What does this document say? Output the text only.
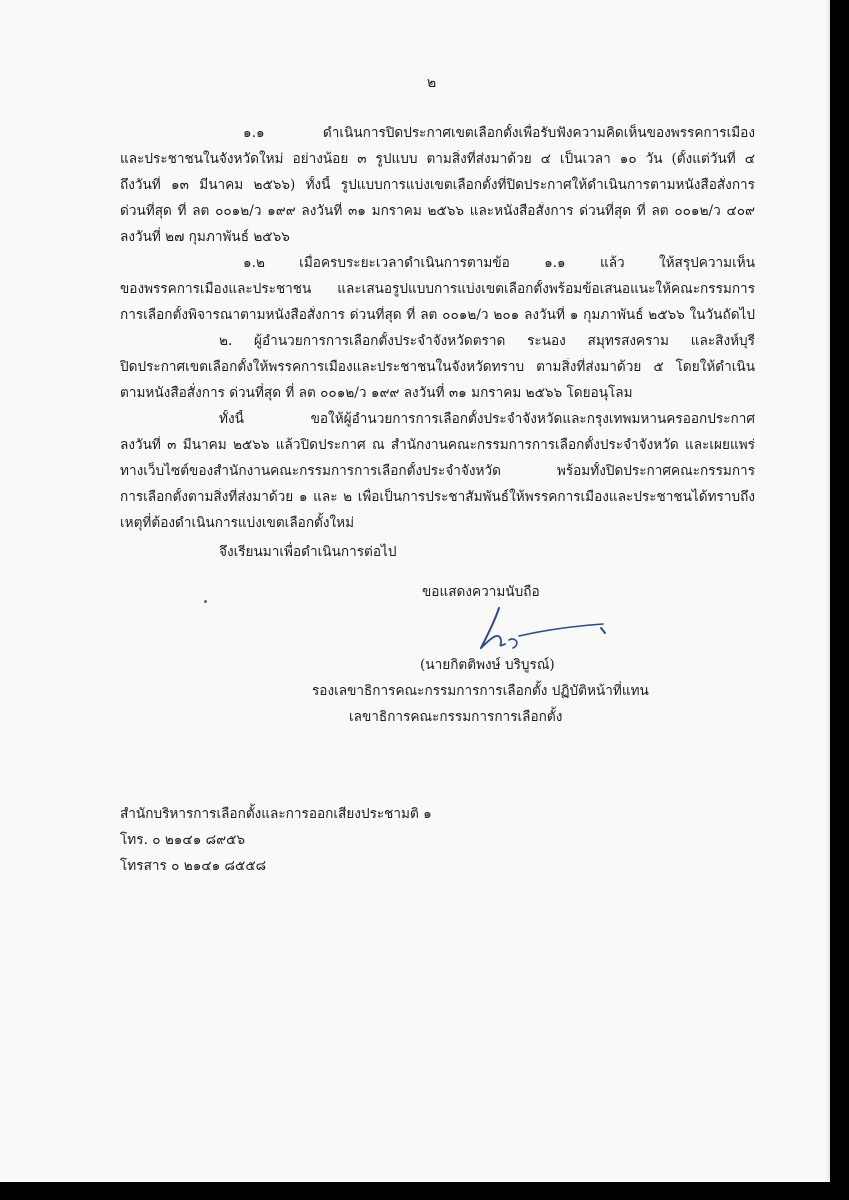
๒
๑.๑ ดำเนินการปิดประกาศเขตเลือกตั้งเพื่อรับฟังความคิดเห็นของพรรคการเมือง
และประชาชนในจังหวัดใหม่ อย่างน้อย ๓ รูปแบบ ตามสิ่งที่ส่งมาด้วย ๔ เป็นเวลา ๑๐ วัน (ตั้งแต่วันที่ ๔
ถึงวันที่ ๑๓ มีนาคม ๒๕๖๖) ทั้งนี้ รูปแบบการแบ่งเขตเลือกตั้งที่ปิดประกาศให้ดำเนินการตามหนังสือสั่งการ
ด่วนที่สุด ที่ ลต ๐๐๑๒/ว ๑๙๙ ลงวันที่ ๓๑ มกราคม ๒๕๖๖ และหนังสือสั่งการ ด่วนที่สุด ที่ ลต ๐๐๑๒/ว ๔๐๙
ลงวันที่ ๒๗ กุมภาพันธ์ ๒๕๖๖
๑.๒ เมื่อครบระยะเวลาดำเนินการตามข้อ ๑.๑ แล้ว ให้สรุปความเห็น
ของพรรคการเมืองและประชาชน และเสนอรูปแบบการแบ่งเขตเลือกตั้งพร้อมข้อเสนอแนะให้คณะกรรมการ
การเลือกตั้งพิจารณาตามหนังสือสั่งการ ด่วนที่สุด ที่ ลต ๐๐๑๒/ว ๒๐๑ ลงวันที่ ๑ กุมภาพันธ์ ๒๕๖๖ ในวันถัดไป
๒. ผู้อำนวยการการเลือกตั้งประจำจังหวัดตราด ระนอง สมุทรสงคราม และสิงห์บุรี
ปิดประกาศเขตเลือกตั้งให้พรรคการเมืองและประชาชนในจังหวัดทราบ ตามสิ่งที่ส่งมาด้วย ๕ โดยให้ดำเนิน
ตามหนังสือสั่งการ ด่วนที่สุด ที่ ลต ๐๐๑๒/ว ๑๙๙ ลงวันที่ ๓๑ มกราคม ๒๕๖๖ โดยอนุโลม
ทั้งนี้ ขอให้ผู้อำนวยการการเลือกตั้งประจำจังหวัดและกรุงเทพมหานครออกประกาศ
ลงวันที่ ๓ มีนาคม ๒๕๖๖ แล้วปิดประกาศ ณ สำนักงานคณะกรรมการการเลือกตั้งประจำจังหวัด และเผยแพร่
ทางเว็บไซต์ของสำนักงานคณะกรรมการการเลือกตั้งประจำจังหวัด พร้อมทั้งปิดประกาศคณะกรรมการ
การเลือกตั้งตามสิ่งที่ส่งมาด้วย ๑ และ ๒ เพื่อเป็นการประชาสัมพันธ์ให้พรรคการเมืองและประชาชนได้ทราบถึง
เหตุที่ต้องดำเนินการแบ่งเขตเลือกตั้งใหม่
จึงเรียนมาเพื่อดำเนินการต่อไป
ขอแสดงความนับถือ
(นายกิตติพงษ์ บริบูรณ์)
รองเลขาธิการคณะกรรมการการเลือกตั้ง ปฏิบัติหน้าที่แทน
เลขาธิการคณะกรรมการการเลือกตั้ง
สำนักบริหารการเลือกตั้งและการออกเสียงประชามติ ๑
โทร. ๐ ๒๑๔๑ ๘๙๕๖
โทรสาร ๐ ๒๑๔๑ ๘๕๕๘
